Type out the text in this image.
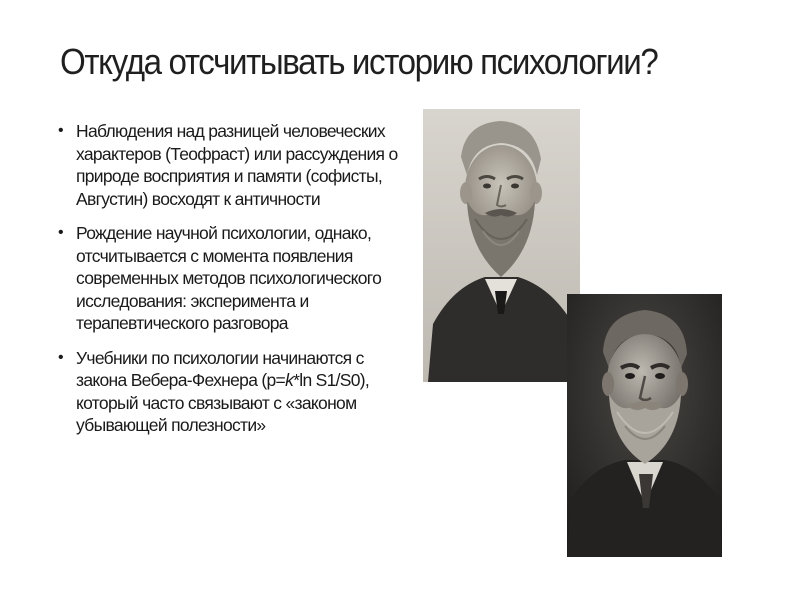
Откуда отсчитывать историю психологии?
• Наблюдения над разницей человеческих характеров (Теофраст) или рассуждения о природе восприятия и памяти (софисты, Августин) восходят к античности
• Рождение научной психологии, однако, отсчитывается с момента появления современных методов психологического исследования: эксперимента и терапевтического разговора
• Учебники по психологии начинаются с закона Вебера-Фехнера (p=k*ln S1/S0), который часто связывают с «законом убывающей полезности»
